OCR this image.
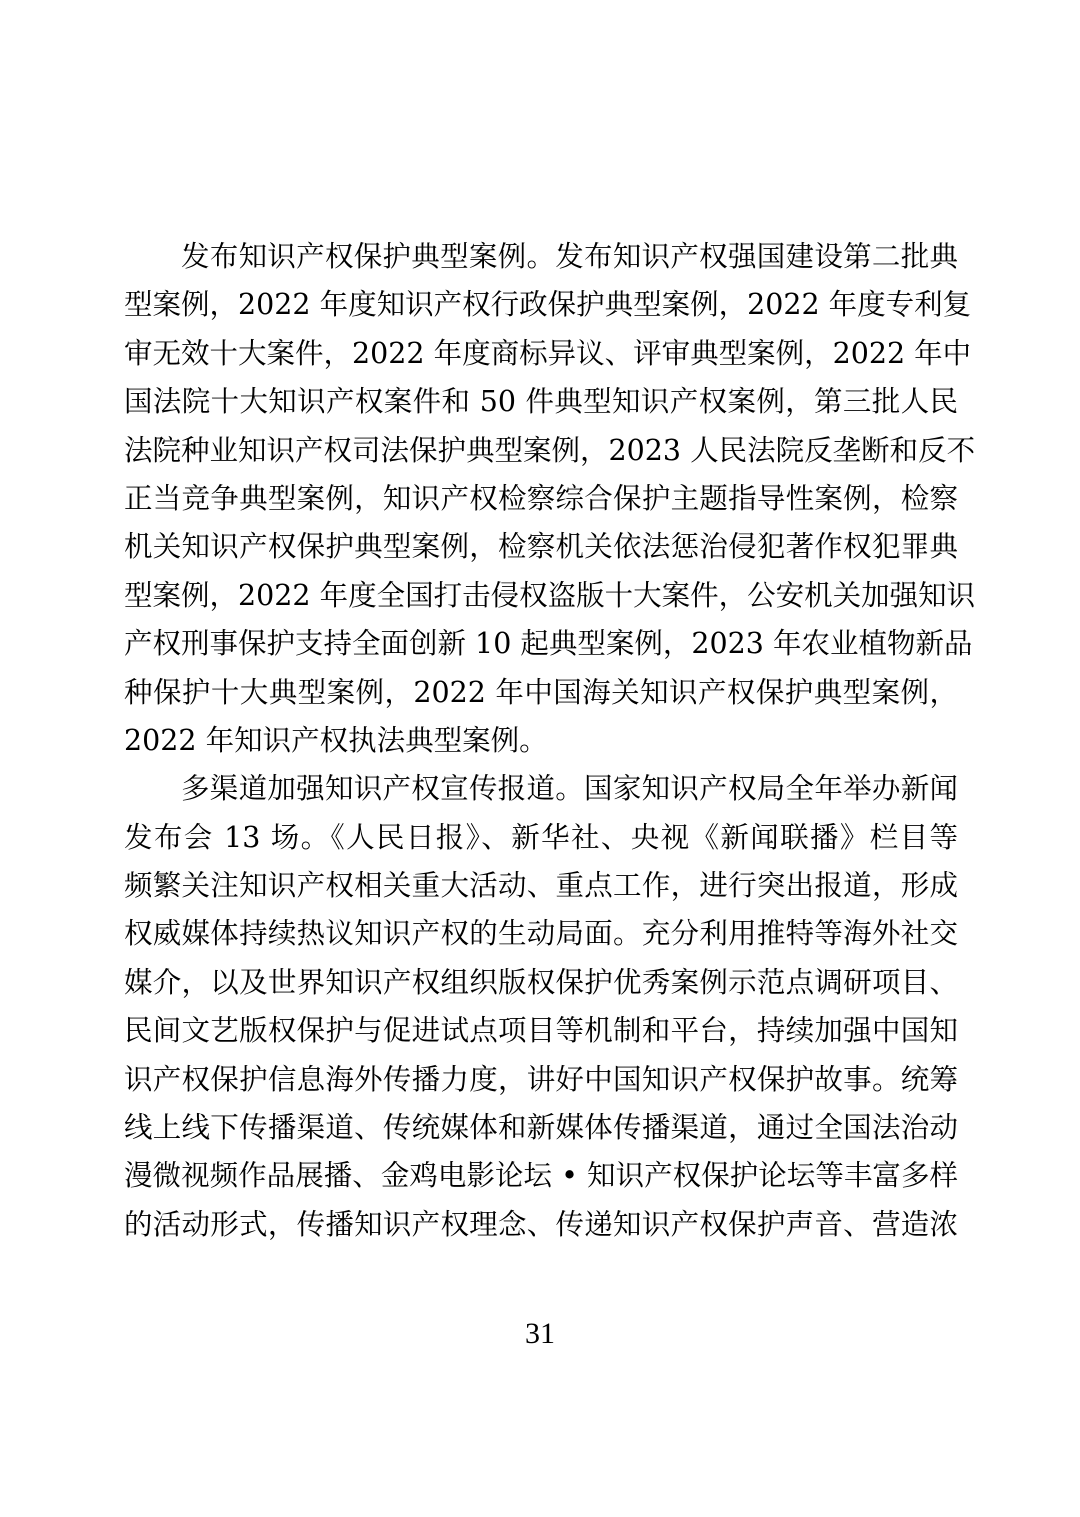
发布知识产权保护典型案例。发布知识产权强国建设第二批典
型案例，2022 年度知识产权行政保护典型案例，2022 年度专利复
审无效十大案件，2022 年度商标异议、评审典型案例，2022 年中
国法院十大知识产权案件和 50 件典型知识产权案例，第三批人民
法院种业知识产权司法保护典型案例，2023 人民法院反垄断和反不
正当竞争典型案例，知识产权检察综合保护主题指导性案例，检察
机关知识产权保护典型案例，检察机关依法惩治侵犯著作权犯罪典
型案例，2022 年度全国打击侵权盗版十大案件，公安机关加强知识
产权刑事保护支持全面创新 10 起典型案例，2023 年农业植物新品
种保护十大典型案例，2022 年中国海关知识产权保护典型案例，
2022 年知识产权执法典型案例。
多渠道加强知识产权宣传报道。国家知识产权局全年举办新闻
发布会 13 场。《人民日报》、新华社、央视《新闻联播》栏目等
频繁关注知识产权相关重大活动、重点工作，进行突出报道，形成
权威媒体持续热议知识产权的生动局面。充分利用推特等海外社交
媒介，以及世界知识产权组织版权保护优秀案例示范点调研项目、
民间文艺版权保护与促进试点项目等机制和平台，持续加强中国知
识产权保护信息海外传播力度，讲好中国知识产权保护故事。统筹
线上线下传播渠道、传统媒体和新媒体传播渠道，通过全国法治动
漫微视频作品展播、金鸡电影论坛 • 知识产权保护论坛等丰富多样
的活动形式，传播知识产权理念、传递知识产权保护声音、营造浓
31
